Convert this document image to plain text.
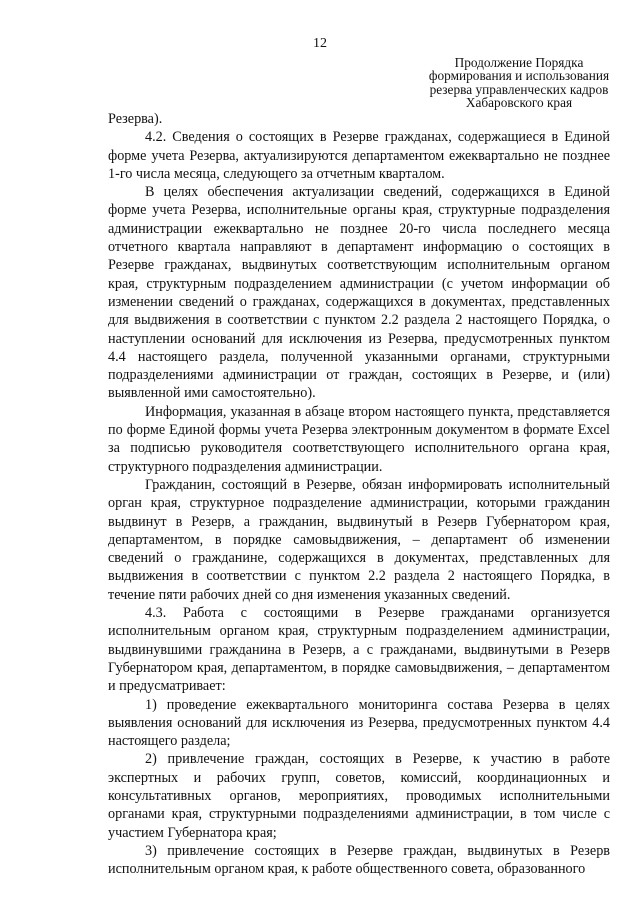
12
Продолжение Порядка
формирования и использования
резерва управленческих кадров
Хабаровского края

Резерва).

4.2. Сведения о состоящих в Резерве гражданах, содержащиеся в Единой форме учета Резерва, актуализируются департаментом ежеквартально не позднее 1-го числа месяца, следующего за отчетным кварталом.

В целях обеспечения актуализации сведений, содержащихся в Единой форме учета Резерва, исполнительные органы края, структурные подразделения администрации ежеквартально не позднее 20-го числа последнего месяца отчетного квартала направляют в департамент информацию о состоящих в Резерве гражданах, выдвинутых соответствующим исполнительным органом края, структурным подразделением администрации (с учетом информации об изменении сведений о гражданах, содержащихся в документах, представленных для выдвижения в соответствии с пунктом 2.2 раздела 2 настоящего Порядка, о наступлении оснований для исключения из Резерва, предусмотренных пунктом 4.4 настоящего раздела, полученной указанными органами, структурными подразделениями администрации от граждан, состоящих в Резерве, и (или) выявленной ими самостоятельно).

Информация, указанная в абзаце втором настоящего пункта, представляется по форме Единой формы учета Резерва электронным документом в формате Excel за подписью руководителя соответствующего исполнительного органа края, структурного подразделения администрации.

Гражданин, состоящий в Резерве, обязан информировать исполнительный орган края, структурное подразделение администрации, которыми гражданин выдвинут в Резерв, а гражданин, выдвинутый в Резерв Губернатором края, департаментом, в порядке самовыдвижения, – департамент об изменении сведений о гражданине, содержащихся в документах, представленных для выдвижения в соответствии с пунктом 2.2 раздела 2 настоящего Порядка, в течение пяти рабочих дней со дня изменения указанных сведений.

4.3. Работа с состоящими в Резерве гражданами организуется исполнительным органом края, структурным подразделением администрации, выдвинувшими гражданина в Резерв, а с гражданами, выдвинутыми в Резерв Губернатором края, департаментом, в порядке самовыдвижения, – департаментом и предусматривает:

1) проведение ежеквартального мониторинга состава Резерва в целях выявления оснований для исключения из Резерва, предусмотренных пунктом 4.4 настоящего раздела;

2) привлечение граждан, состоящих в Резерве, к участию в работе экспертных и рабочих групп, советов, комиссий, координационных и консультативных органов, мероприятиях, проводимых исполнительными органами края, структурными подразделениями администрации, в том числе с участием Губернатора края;

3) привлечение состоящих в Резерве граждан, выдвинутых в Резерв исполнительным органом края, к работе общественного совета, образованного
